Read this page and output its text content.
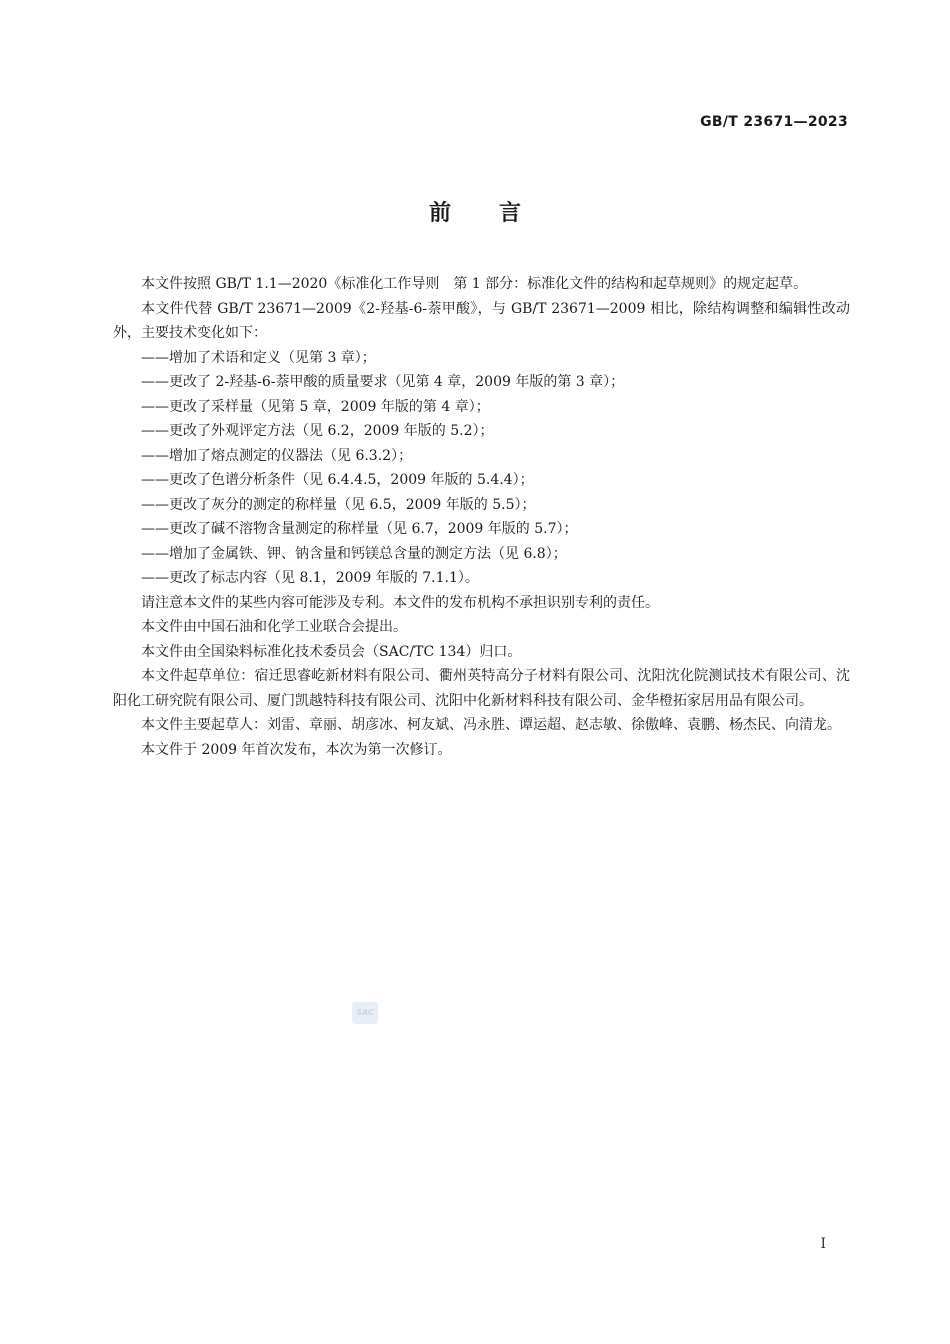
GB/T 23671—2023
前言

本文件按照 GB/T 1.1—2020《标准化工作导则　第 1 部分：标准化文件的结构和起草规则》的规定起草。

本文件代替 GB/T 23671—2009《2-羟基-6-萘甲酸》，与 GB/T 23671—2009 相比，除结构调整和编辑性改动外，主要技术变化如下：

——增加了术语和定义（见第 3 章）；
——更改了 2-羟基-6-萘甲酸的质量要求（见第 4 章，2009 年版的第 3 章）；
——更改了采样量（见第 5 章，2009 年版的第 4 章）；
——更改了外观评定方法（见 6.2，2009 年版的 5.2）；
——增加了熔点测定的仪器法（见 6.3.2）；
——更改了色谱分析条件（见 6.4.4.5，2009 年版的 5.4.4）；
——更改了灰分的测定的称样量（见 6.5，2009 年版的 5.5）；
——更改了碱不溶物含量测定的称样量（见 6.7，2009 年版的 5.7）；
——增加了金属铁、钾、钠含量和钙镁总含量的测定方法（见 6.8）；
——更改了标志内容（见 8.1，2009 年版的 7.1.1）。

请注意本文件的某些内容可能涉及专利。本文件的发布机构不承担识别专利的责任。

本文件由中国石油和化学工业联合会提出。

本文件由全国染料标准化技术委员会（SAC/TC 134）归口。

本文件起草单位：宿迁思睿屹新材料有限公司、衢州英特高分子材料有限公司、沈阳沈化院测试技术有限公司、沈阳化工研究院有限公司、厦门凯越特科技有限公司、沈阳中化新材料科技有限公司、金华橙拓家居用品有限公司。

本文件主要起草人：刘雷、章丽、胡彦冰、柯友斌、冯永胜、谭运超、赵志敏、徐傲峰、袁鹏、杨杰民、向清龙。

本文件于 2009 年首次发布，本次为第一次修订。

SAC
I
